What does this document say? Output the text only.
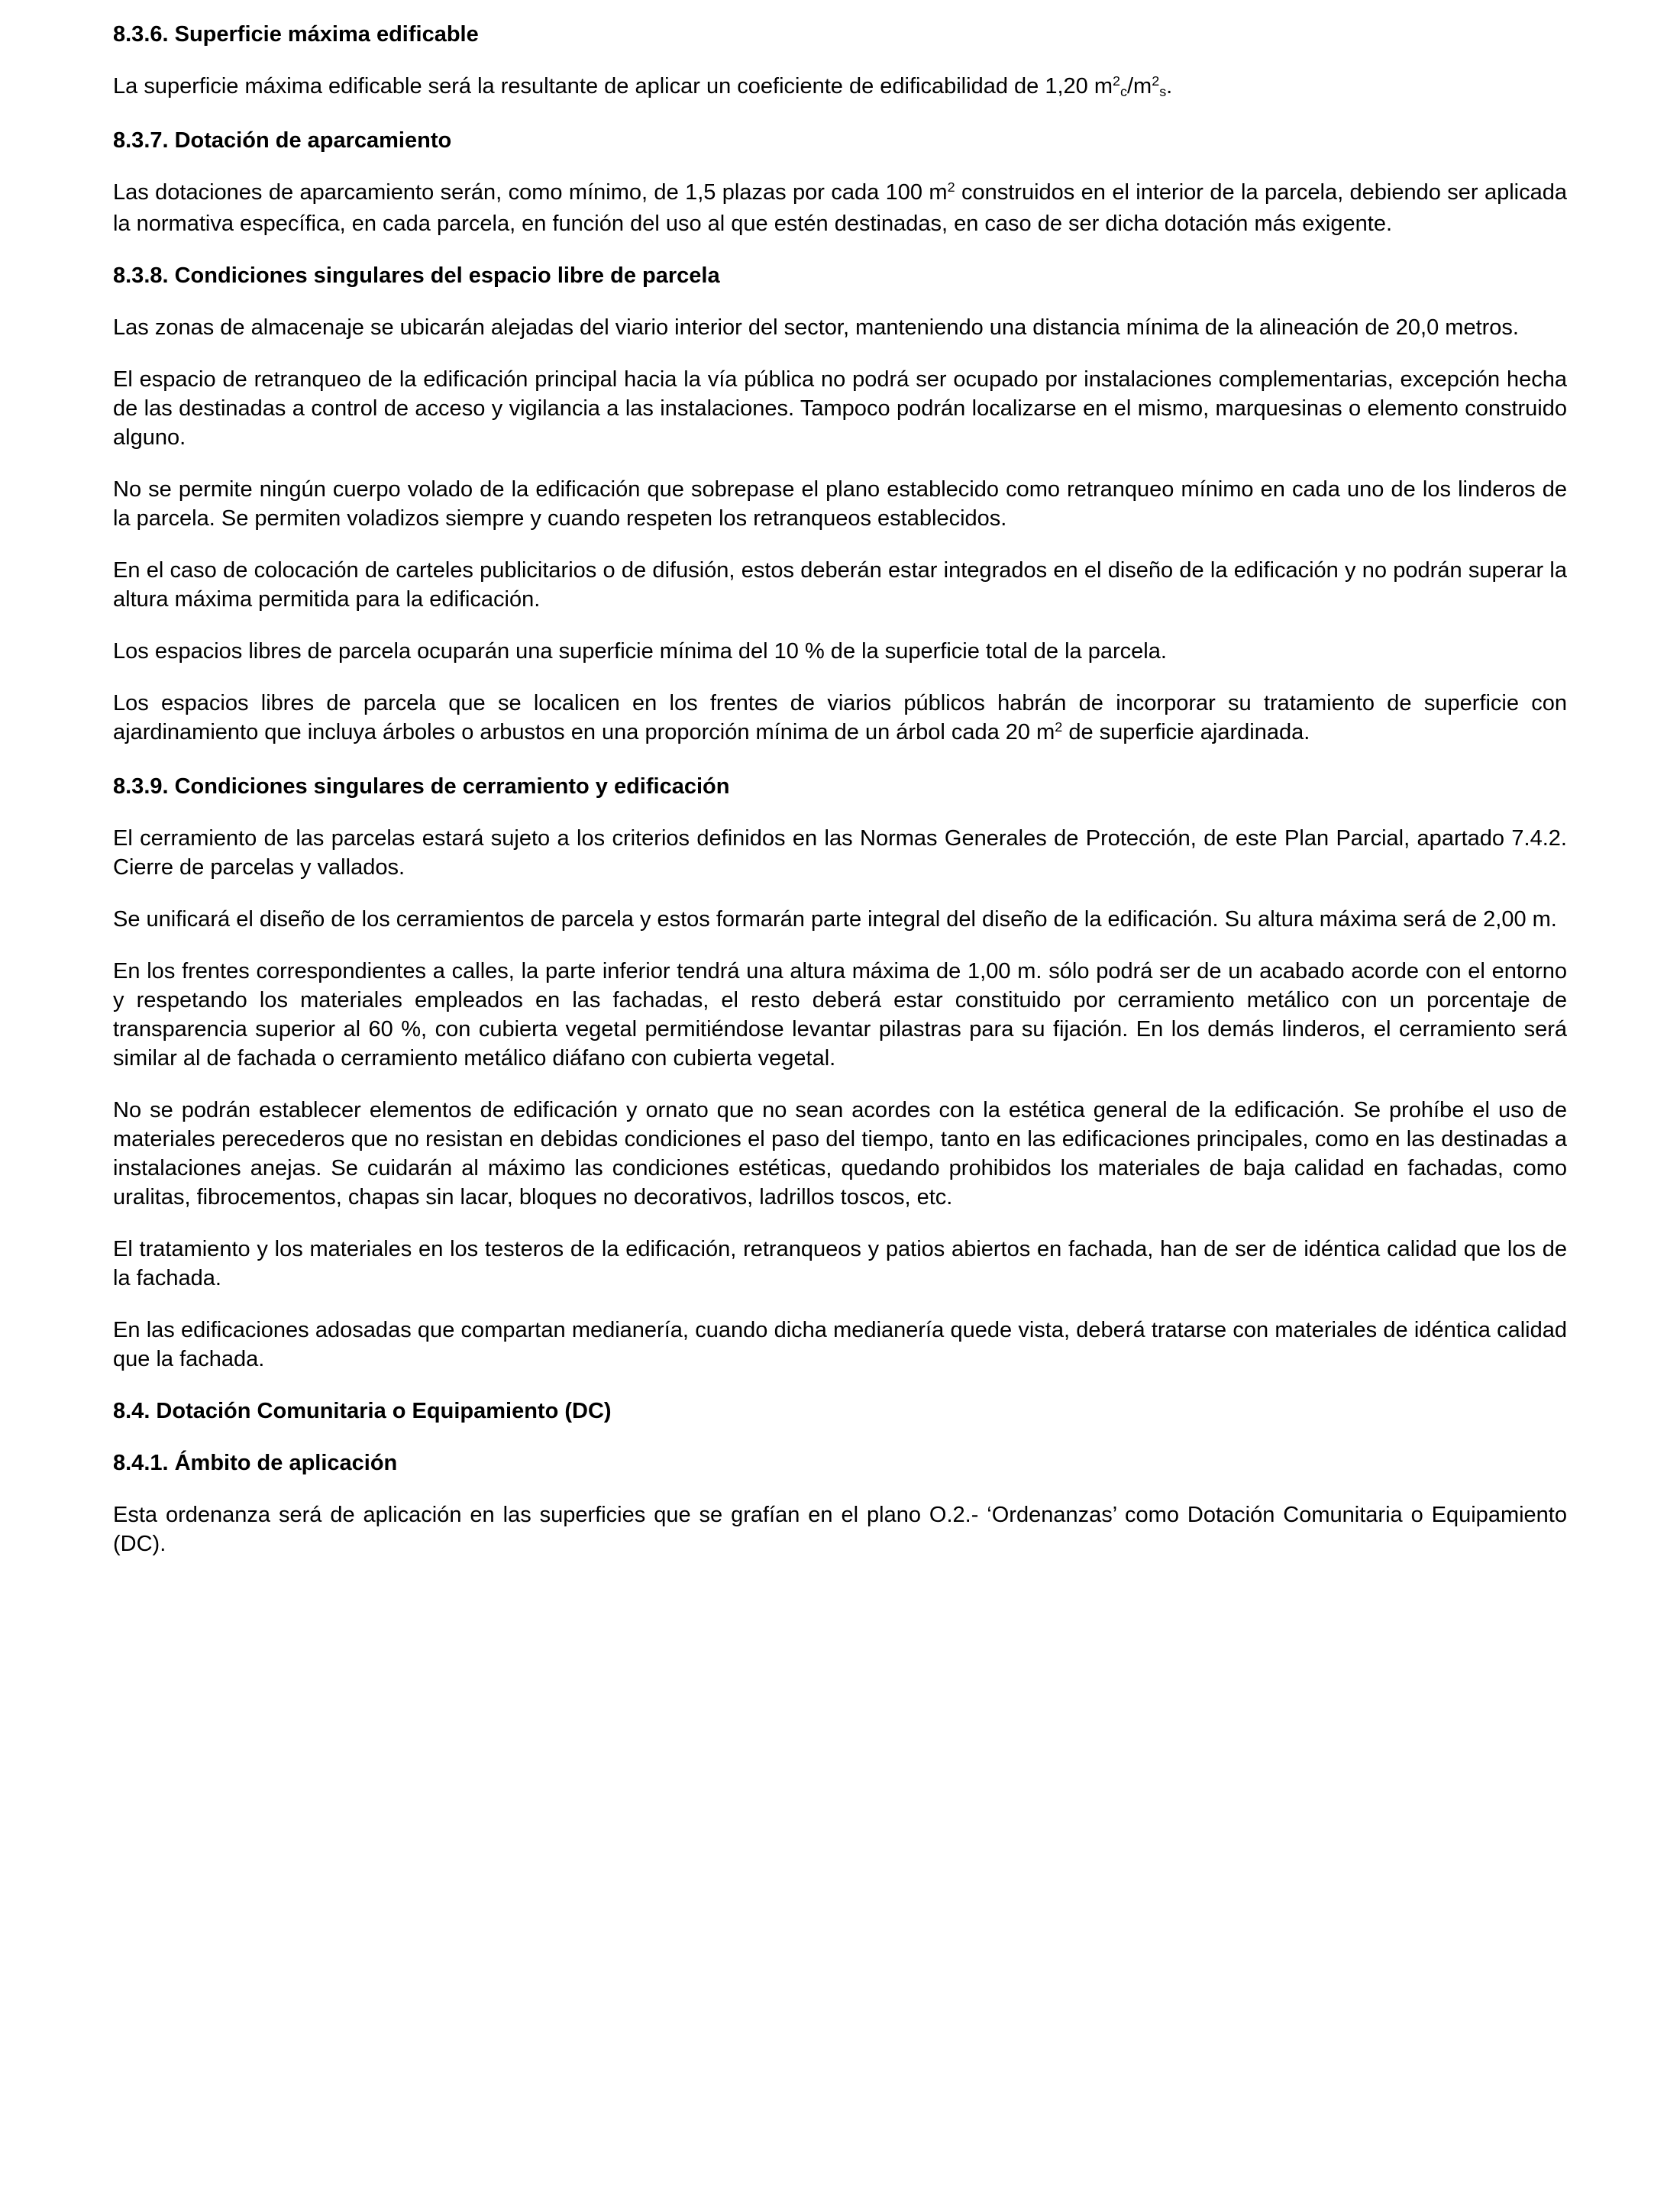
8.3.6. Superficie máxima edificable

La superficie máxima edificable será la resultante de aplicar un coeficiente de edificabilidad de 1,20 $m^2c/m^2s$.

8.3.7. Dotación de aparcamiento

Las dotaciones de aparcamiento serán, como mínimo, de 1,5 plazas por cada 100 $m^2$ construidos en el interior de la parcela, debiendo ser aplicada la normativa específica, en cada parcela, en función del uso al que estén destinadas, en caso de ser dicha dotación más exigente.

8.3.8. Condiciones singulares del espacio libre de parcela

Las zonas de almacenaje se ubicarán alejadas del viario interior del sector, manteniendo una distancia mínima de la alineación de 20,0 metros.

El espacio de retranqueo de la edificación principal hacia la vía pública no podrá ser ocupado por instalaciones complementarias, excepción hecha de las destinadas a control de acceso y vigilancia a las instalaciones. Tampoco podrán localizarse en el mismo, marquesinas o elemento construido alguno.

No se permite ningún cuerpo volado de la edificación que sobrepase el plano establecido como retranqueo mínimo en cada uno de los linderos de la parcela. Se permiten voladizos siempre y cuando respeten los retranqueos establecidos.

En el caso de colocación de carteles publicitarios o de difusión, estos deberán estar integrados en el diseño de la edificación y no podrán superar la altura máxima permitida para la edificación.

Los espacios libres de parcela ocuparán una superficie mínima del 10 % de la superficie total de la parcela.

Los espacios libres de parcela que se localicen en los frentes de viarios públicos habrán de incorporar su tratamiento de superficie con ajardinamiento que incluya árboles o arbustos en una proporción mínima de un árbol cada 20 $m^2$ de superficie ajardinada.

8.3.9. Condiciones singulares de cerramiento y edificación

El cerramiento de las parcelas estará sujeto a los criterios definidos en las Normas Generales de Protección, de este Plan Parcial, apartado 7.4.2. Cierre de parcelas y vallados.

Se unificará el diseño de los cerramientos de parcela y estos formarán parte integral del diseño de la edificación. Su altura máxima será de 2,00 m.

En los frentes correspondientes a calles, la parte inferior tendrá una altura máxima de 1,00 m. sólo podrá ser de un acabado acorde con el entorno y respetando los materiales empleados en las fachadas, el resto deberá estar constituido por cerramiento metálico con un porcentaje de transparencia superior al 60 %, con cubierta vegetal permitiéndose levantar pilastras para su fijación. En los demás linderos, el cerramiento será similar al de fachada o cerramiento metálico diáfano con cubierta vegetal.

No se podrán establecer elementos de edificación y ornato que no sean acordes con la estética general de la edificación. Se prohíbe el uso de materiales perecederos que no resistan en debidas condiciones el paso del tiempo, tanto en las edificaciones principales, como en las destinadas a instalaciones anejas. Se cuidarán al máximo las condiciones estéticas, quedando prohibidos los materiales de baja calidad en fachadas, como uralitas, fibrocementos, chapas sin lacar, bloques no decorativos, ladrillos toscos, etc.

El tratamiento y los materiales en los testeros de la edificación, retranqueos y patios abiertos en fachada, han de ser de idéntica calidad que los de la fachada.

En las edificaciones adosadas que compartan medianería, cuando dicha medianería quede vista, deberá tratarse con materiales de idéntica calidad que la fachada.

8.4. Dotación Comunitaria o Equipamiento (DC)
8.4.1. Ámbito de aplicación

Esta ordenanza será de aplicación en las superficies que se grafían en el plano O.2.- ‘Ordenanzas’ como Dotación Comunitaria o Equipamiento (DC).
